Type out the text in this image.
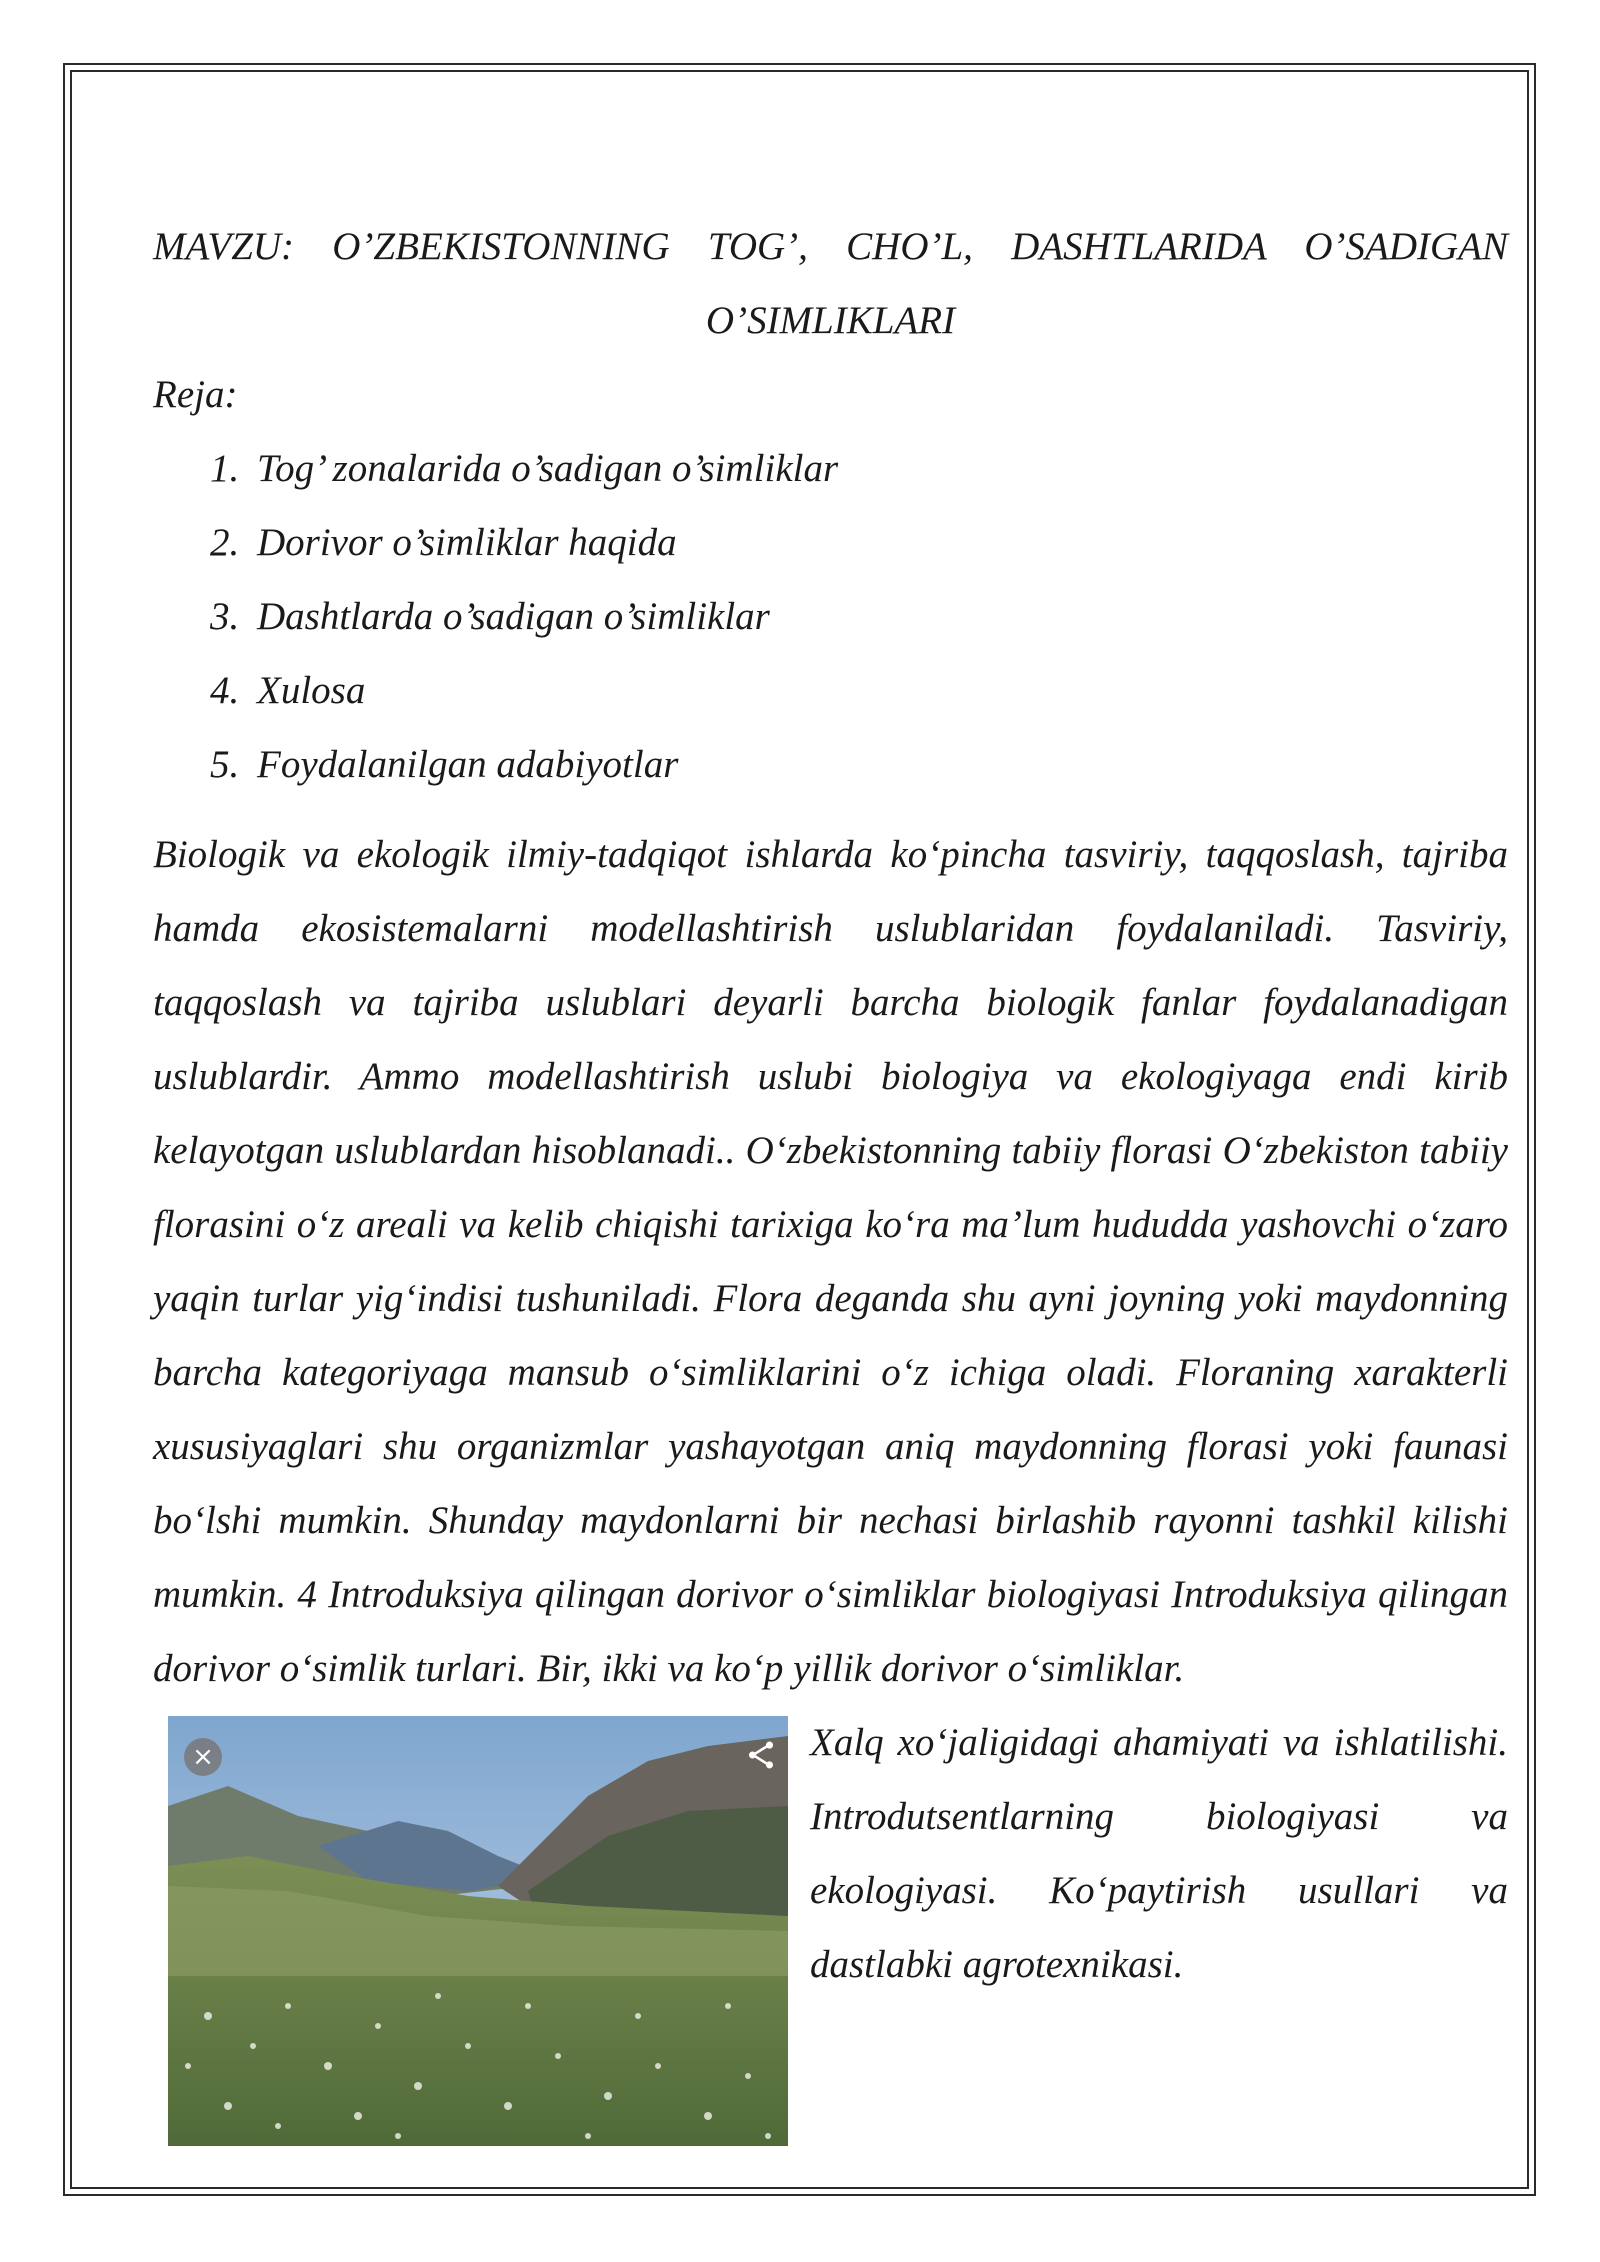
MAVZU: O’ZBEKISTONNING TOG’, CHO’L, DASHTLARIDA O’SADIGAN
O’SIMLIKLARI

Reja:

1. Tog’ zonalarida o’sadigan o’simliklar
2. Dorivor o’simliklar haqida
3. Dashtlarda o’sadigan o’simliklar
4. Xulosa
5. Foydalanilgan adabiyotlar

Biologik va ekologik ilmiy-tadqiqot ishlarda ko‘pincha tasviriy, taqqoslash, tajriba hamda ekosistemalarni modellashtirish uslublaridan foydalaniladi. Tasviriy, taqqoslash va tajriba uslublari deyarli barcha biologik fanlar foydalanadigan uslublardir. Ammo modellashtirish uslubi biologiya va ekologiyaga endi kirib kelayotgan uslublardan hisoblanadi.. O‘zbekistonning tabiiy florasi O‘zbekiston tabiiy florasini o‘z areali va kelib chiqishi tarixiga ko‘ra ma’lum hududda yashovchi o‘zaro yaqin turlar yig‘indisi tushuniladi. Flora deganda shu ayni joyning yoki maydonning barcha kategoriyaga mansub o‘simliklarini o‘z ichiga oladi. Floraning xarakterli xususiyaglari shu organizmlar yashayotgan aniq maydonning florasi yoki faunasi bo‘lshi mumkin. Shunday maydonlarni bir nechasi birlashib rayonni tashkil kilishi mumkin. 4 Introduksiya qilingan dorivor o‘simliklar biologiyasi Introduksiya qilingan dorivor o‘simlik turlari. Bir, ikki va ko‘p yillik dorivor o‘simliklar.

×	Xalq xo‘jaligidagi ahamiyati va ishlatilishi. Introdutsentlarning biologiyasi va ekologiyasi. Ko‘paytirish usullari va dastlabki agrotexnikasi.
